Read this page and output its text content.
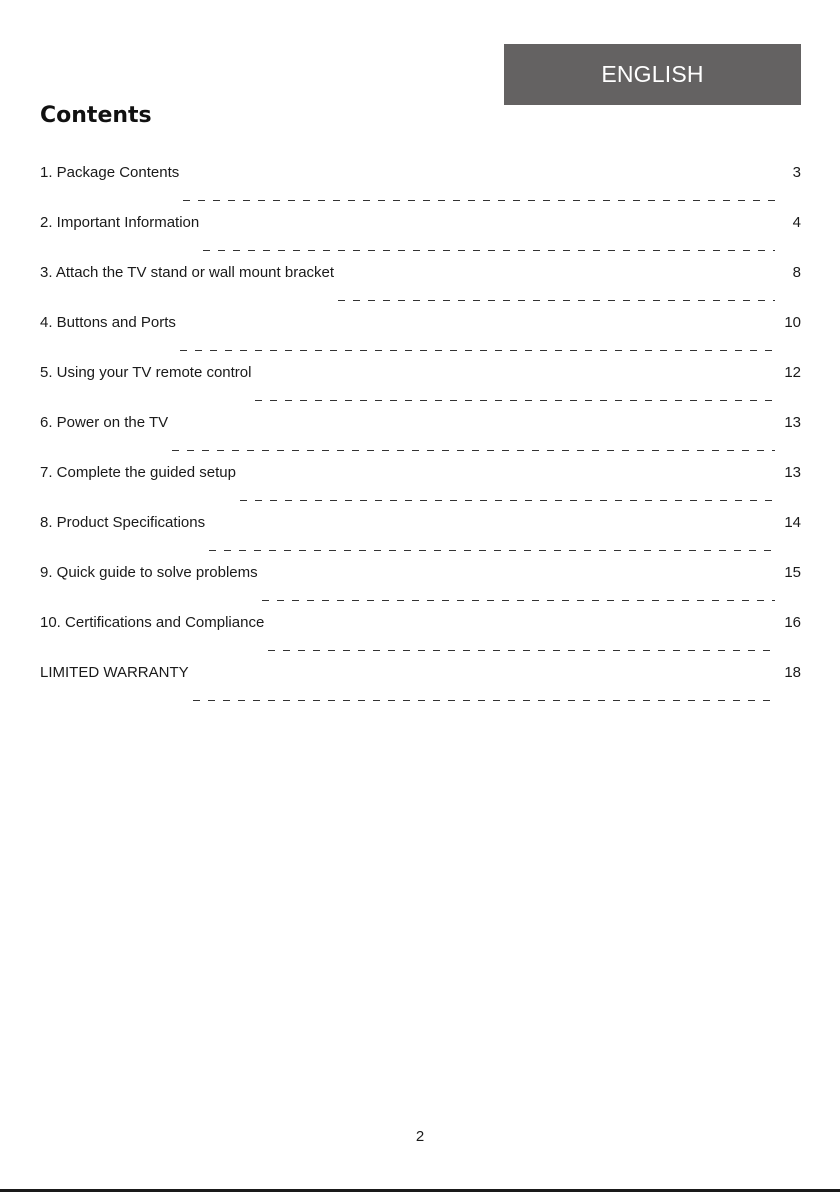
ENGLISH
Contents
1. Package Contents	3
2. Important Information	4
3. Attach the TV stand or wall mount bracket	8
4. Buttons and Ports	10
5. Using your TV remote control	12
6. Power on the TV	13
7. Complete the guided setup	13
8. Product Specifications	14
9. Quick guide to solve problems	15
10. Certifications and Compliance	16
LIMITED WARRANTY	18
2
